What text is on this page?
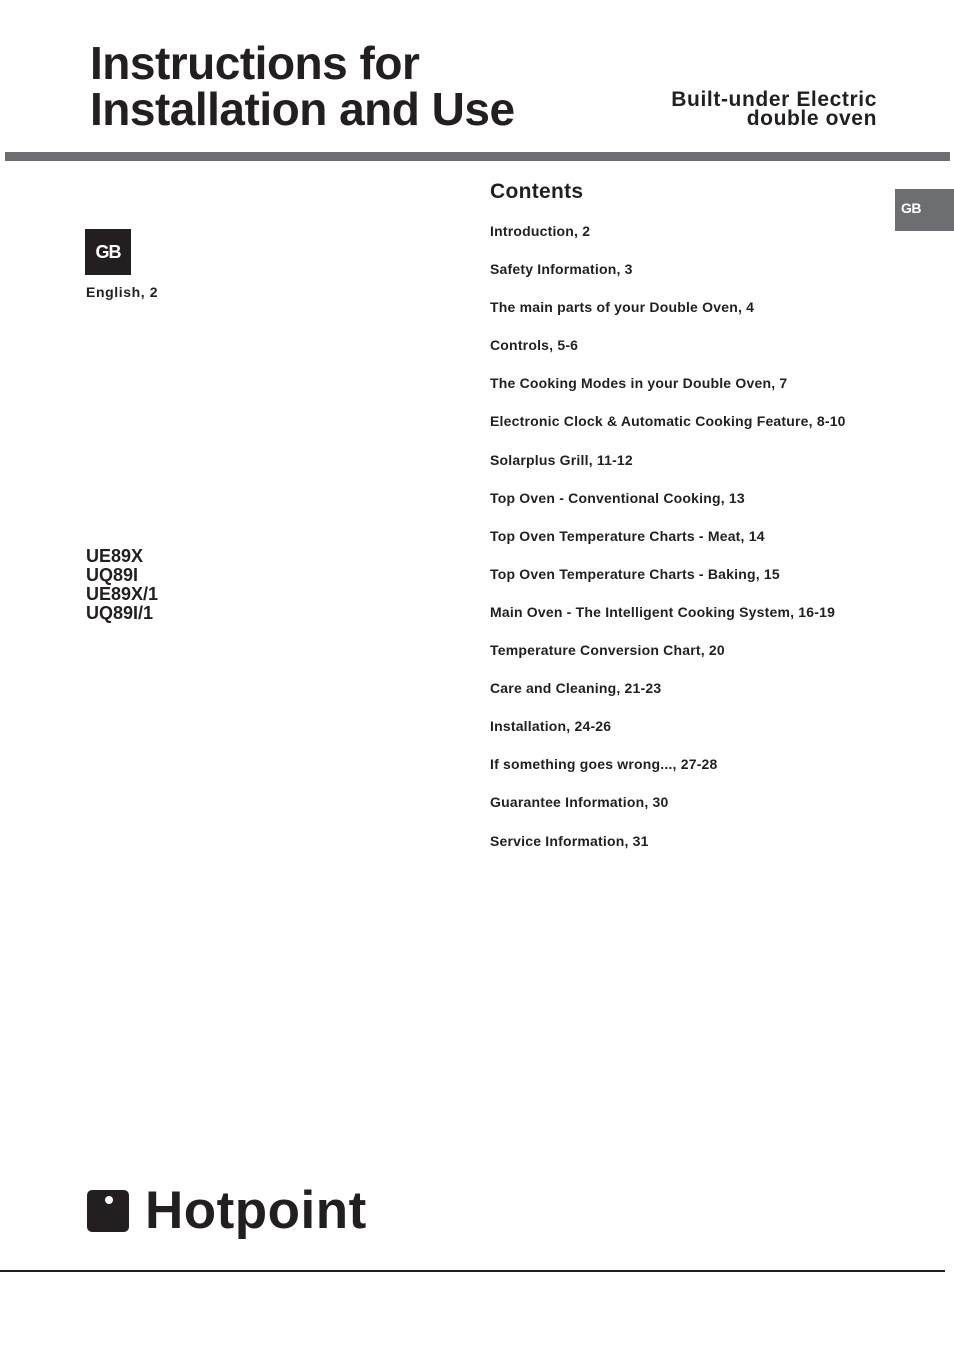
Instructions for
Installation and Use	Built-under Electric
double oven
GB
English, 2
GB
UE89X
UQ89I
UE89X/1
UQ89I/1
Contents
Introduction, 2
Safety Information, 3
The main parts of your Double Oven, 4
Controls, 5-6
The Cooking Modes in your Double Oven, 7
Electronic Clock & Automatic Cooking Feature, 8-10
Solarplus Grill, 11-12
Top Oven - Conventional Cooking, 13
Top Oven Temperature Charts - Meat, 14
Top Oven Temperature Charts - Baking, 15
Main Oven - The Intelligent Cooking System, 16-19
Temperature Conversion Chart, 20
Care and Cleaning, 21-23
Installation, 24-26
If something goes wrong..., 27-28
Guarantee Information, 30
Service Information, 31
Hotpoint
